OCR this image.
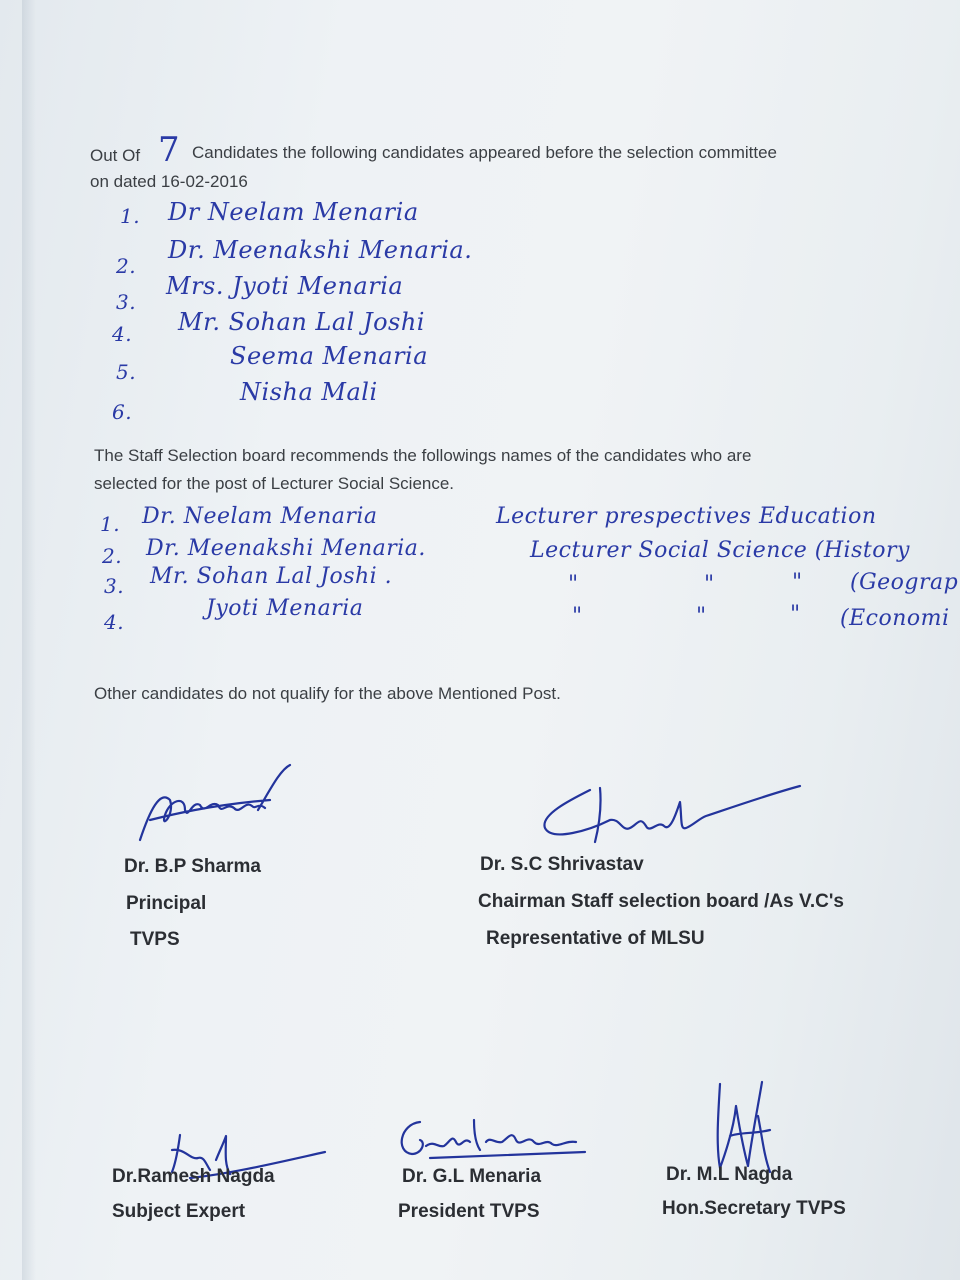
Out Of 7 Candidates the following candidates appeared before the selection committee
on dated 16-02-2016
1. Dr Neelam Menaria
2.
Dr. Meenakshi Menaria.
3.
Mrs. Jyoti Menaria
4. Mr. Sohan Lal Joshi
5.
Seema Menaria
6.
Nisha Mali
The Staff Selection board recommends the followings names of the candidates who are
selected for the post of Lecturer Social Science.
1. Dr. Neelam Menaria	Lecturer prespectives Education
2. Dr. Meenakshi Menaria.	Lecturer Social Science (History
3. Mr. Sohan Lal Joshi .	"	"	" (Geograp
4.
Jyoti Menaria	"	"	" (Economi
Other candidates do not qualify for the above Mentioned Post.
Dr. B.P Sharma
Principal
TVPS
Dr. S.C Shrivastav
Chairman Staff selection board /As V.C's
Representative of MLSU
Dr.Ramesh Nagda
Subject Expert
Dr. G.L Menaria
President TVPS
Dr. M.L Nagda
Hon.Secretary TVPS
